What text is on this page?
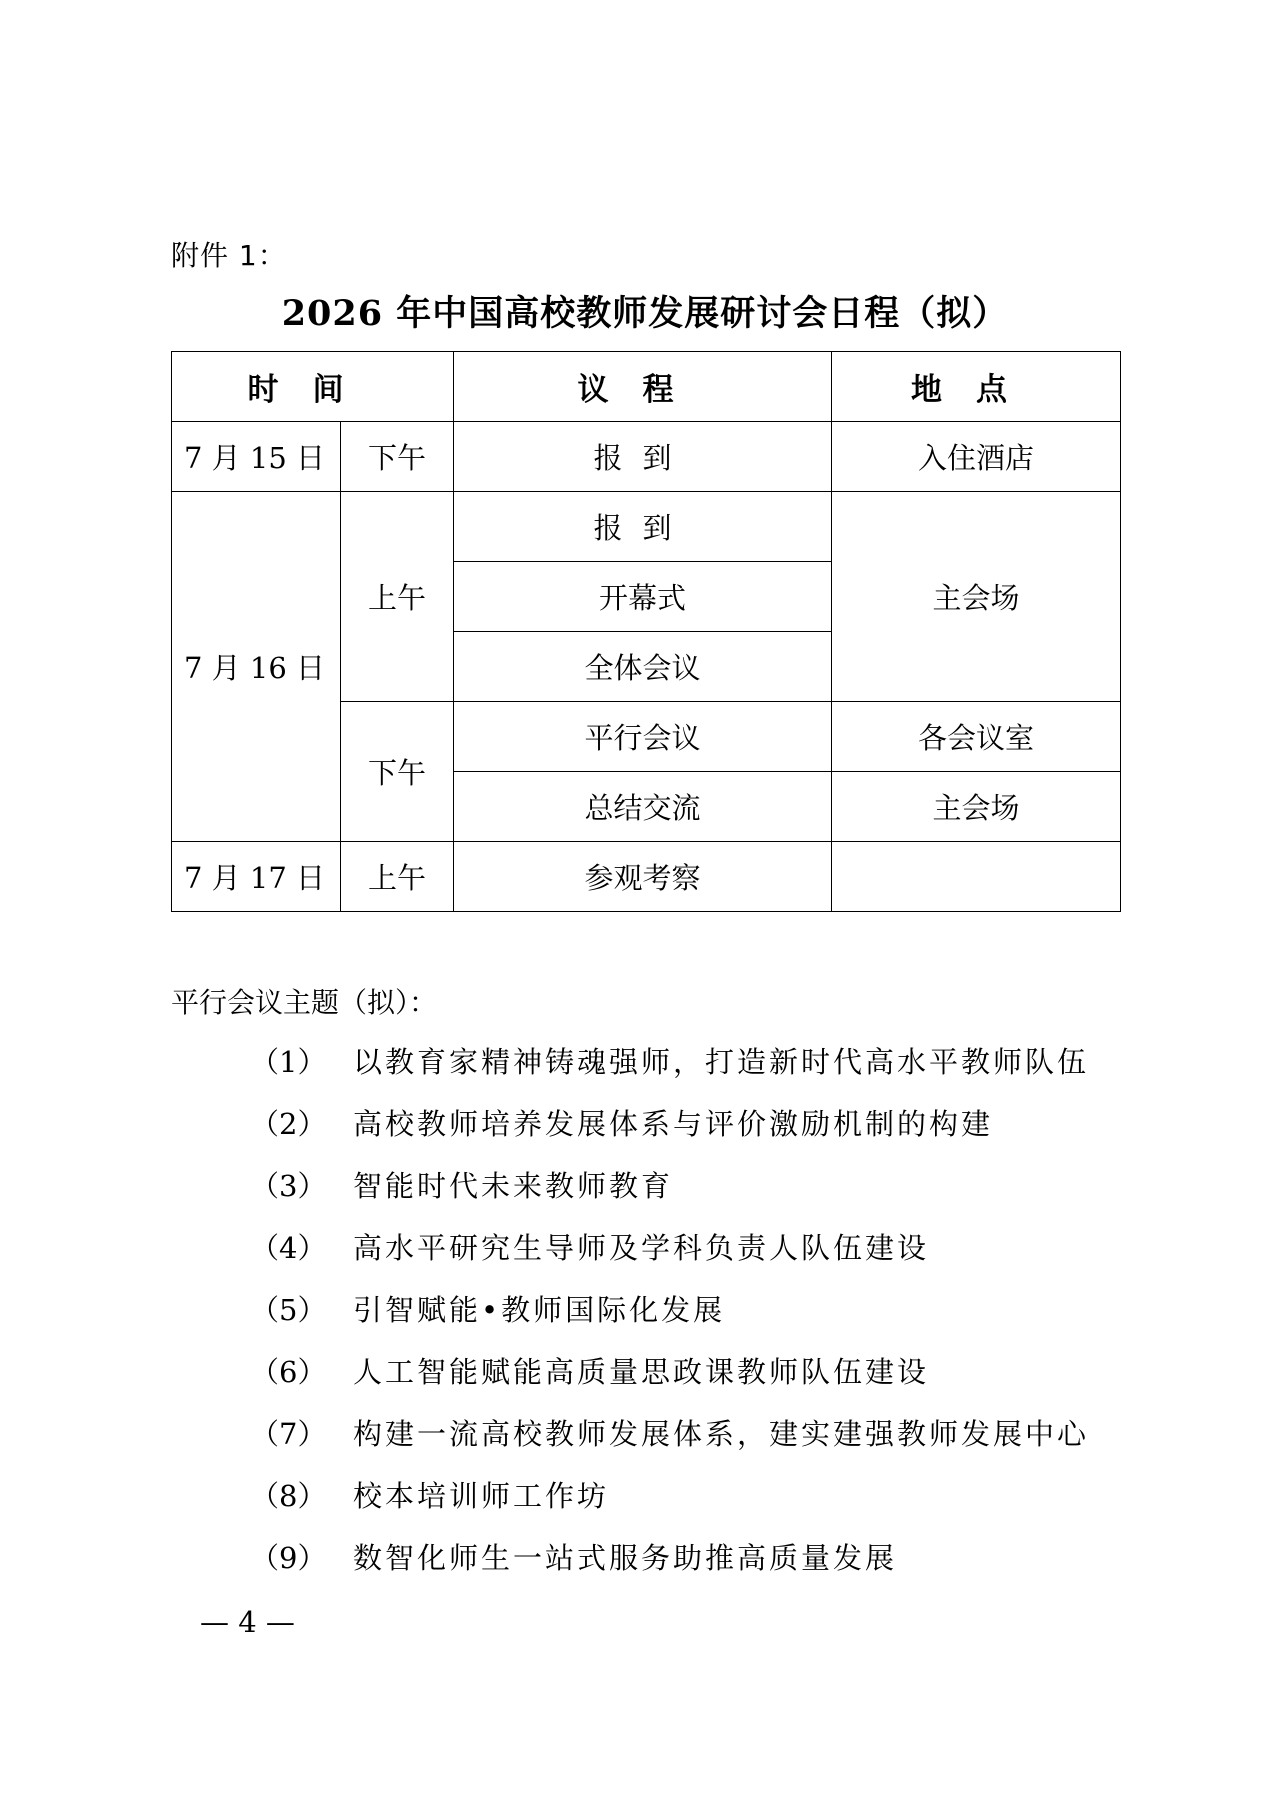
附件 1：
2026 年中国高校教师发展研讨会日程（拟）
时间		议程	地点
7 月 15 日	下午	报到	入住酒店
7 月 16 日	上午	报到	主会场
		开幕式	
		全体会议	
	下午	平行会议	各会议室
		总结交流	主会场
7 月 17 日	上午	参观考察	
平行会议主题（拟）：
（1） 以教育家精神铸魂强师，打造新时代高水平教师队伍
（2） 高校教师培养发展体系与评价激励机制的构建
（3） 智能时代未来教师教育
（4） 高水平研究生导师及学科负责人队伍建设
（5） 引智赋能•教师国际化发展
（6） 人工智能赋能高质量思政课教师队伍建设
（7） 构建一流高校教师发展体系，建实建强教师发展中心
（8） 校本培训师工作坊
（9） 数智化师生一站式服务助推高质量发展
— 4 —
